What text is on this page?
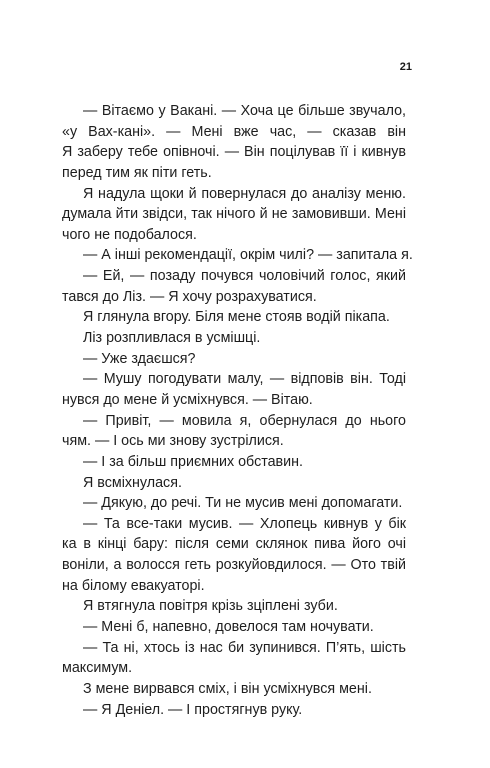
21
— Вітаємо у Вакані. — Хоча це більше звучало,
«у Вах-кані». — Мені вже час, — сказав він
Я заберу тебе опівночі. — Він поцілував її і кивнув
перед тим як піти геть.
Я надула щоки й повернулася до аналізу меню.
думала йти звідси, так нічого й не замовивши. Мені
чого не подобалося.
— А інші рекомендації, окрім чилі? — запитала я.
— Ей, — позаду почувся чоловічий голос, який
тався до Ліз. — Я хочу розрахуватися.
Я глянула вгору. Біля мене стояв водій пікапа.
Ліз розпливлася в усмішці.
— Уже здаєшся?
— Мушу погодувати малу, — відповів він. Тоді
нувся до мене й усміхнувся. — Вітаю.
— Привіт, — мовила я, обернулася до нього
чям. — І ось ми знову зустрілися.
— І за більш приємних обставин.
Я всміхнулася.
— Дякую, до речі. Ти не мусив мені допомагати.
— Та все-таки мусив. — Хлопець кивнув у бік
ка в кінці бару: після семи склянок пива його очі
воніли, а волосся геть розкуйовдилося. — Ото твій
на білому евакуаторі.
Я втягнула повітря крізь зціплені зуби.
— Мені б, напевно, довелося там ночувати.
— Та ні, хтось із нас би зупинився. П’ять, шість
максимум.
З мене вирвався сміх, і він усміхнувся мені.
— Я Деніел. — І простягнув руку.
